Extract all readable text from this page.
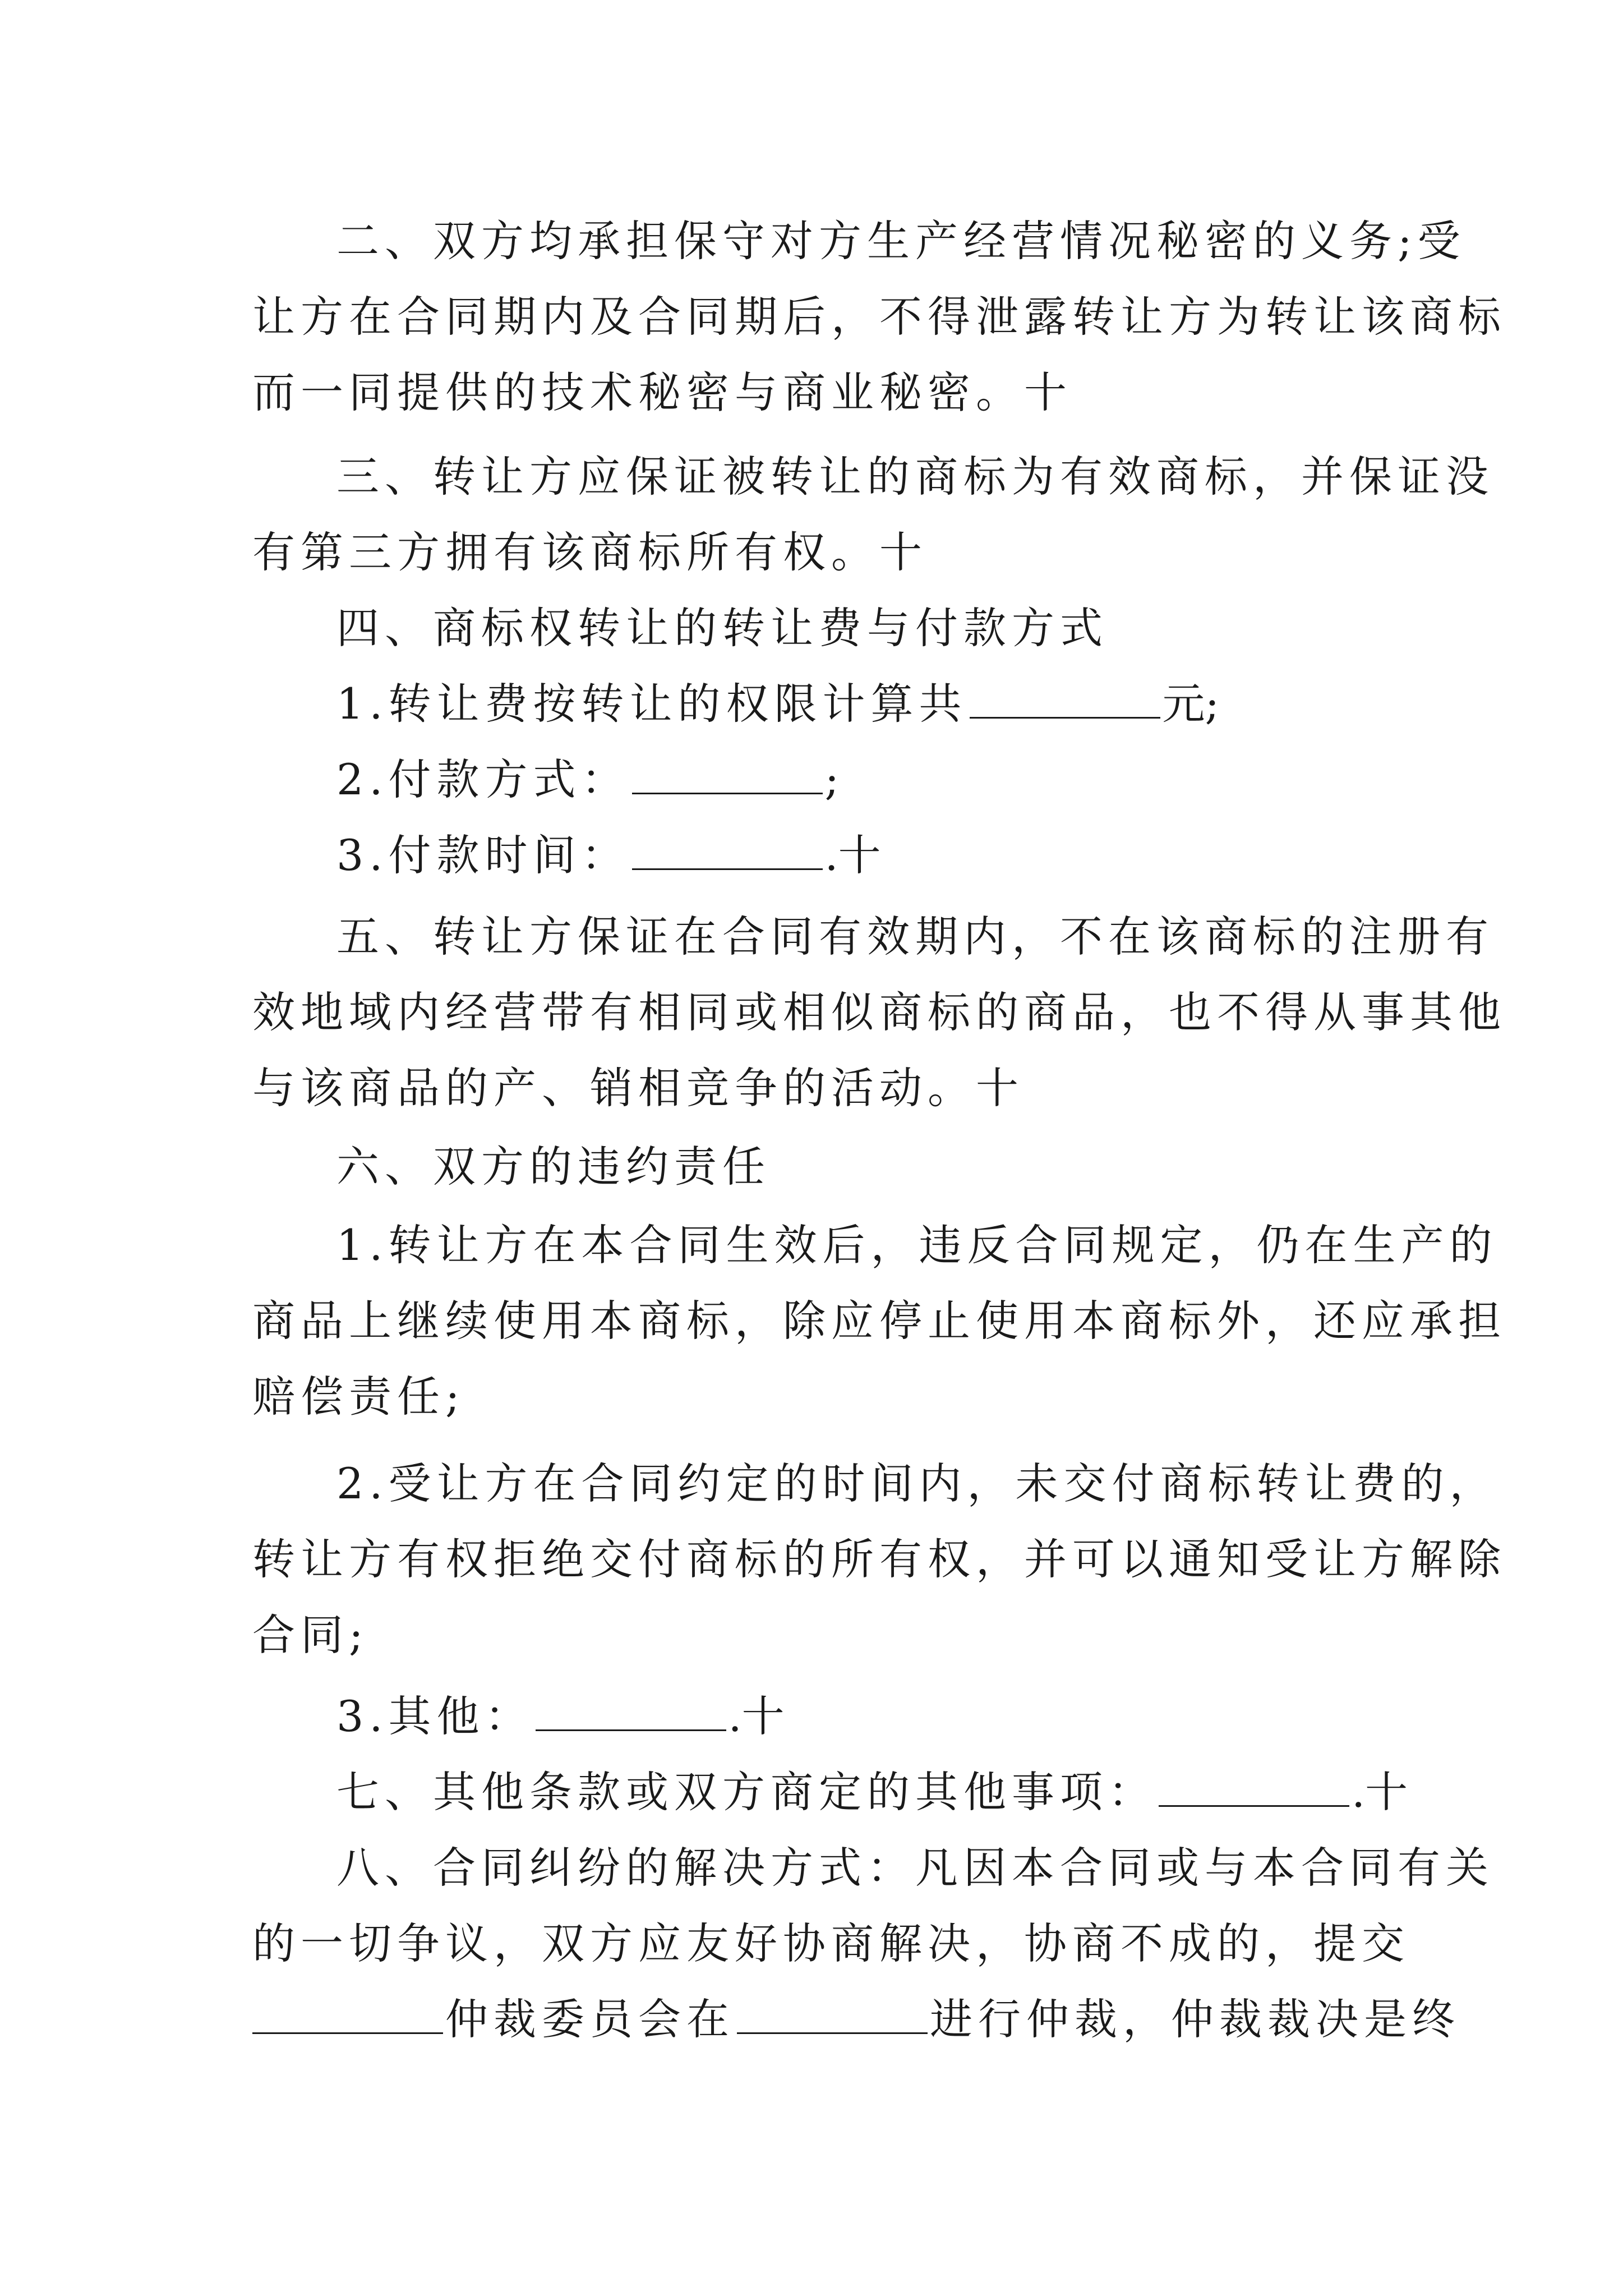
二、双方均承担保守对方生产经营情况秘密的义务;受
让方在合同期内及合同期后，不得泄露转让方为转让该商标
而一同提供的技术秘密与商业秘密。十
三、转让方应保证被转让的商标为有效商标，并保证没
有第三方拥有该商标所有权。十
四、商标权转让的转让费与付款方式
1.转让费按转让的权限计算共	元;
2.付款方式：	;
3.付款时间：	.十
五、转让方保证在合同有效期内，不在该商标的注册有
效地域内经营带有相同或相似商标的商品，也不得从事其他
与该商品的产、销相竞争的活动。十
六、双方的违约责任
1.转让方在本合同生效后，违反合同规定，仍在生产的
商品上继续使用本商标，除应停止使用本商标外，还应承担
赔偿责任;
2.受让方在合同约定的时间内，未交付商标转让费的，
转让方有权拒绝交付商标的所有权，并可以通知受让方解除
合同;
3.其他：	.十
七、其他条款或双方商定的其他事项：	.十
八、合同纠纷的解决方式：凡因本合同或与本合同有关
的一切争议，双方应友好协商解决，协商不成的，提交
仲裁委员会在	进行仲裁，仲裁裁决是终
